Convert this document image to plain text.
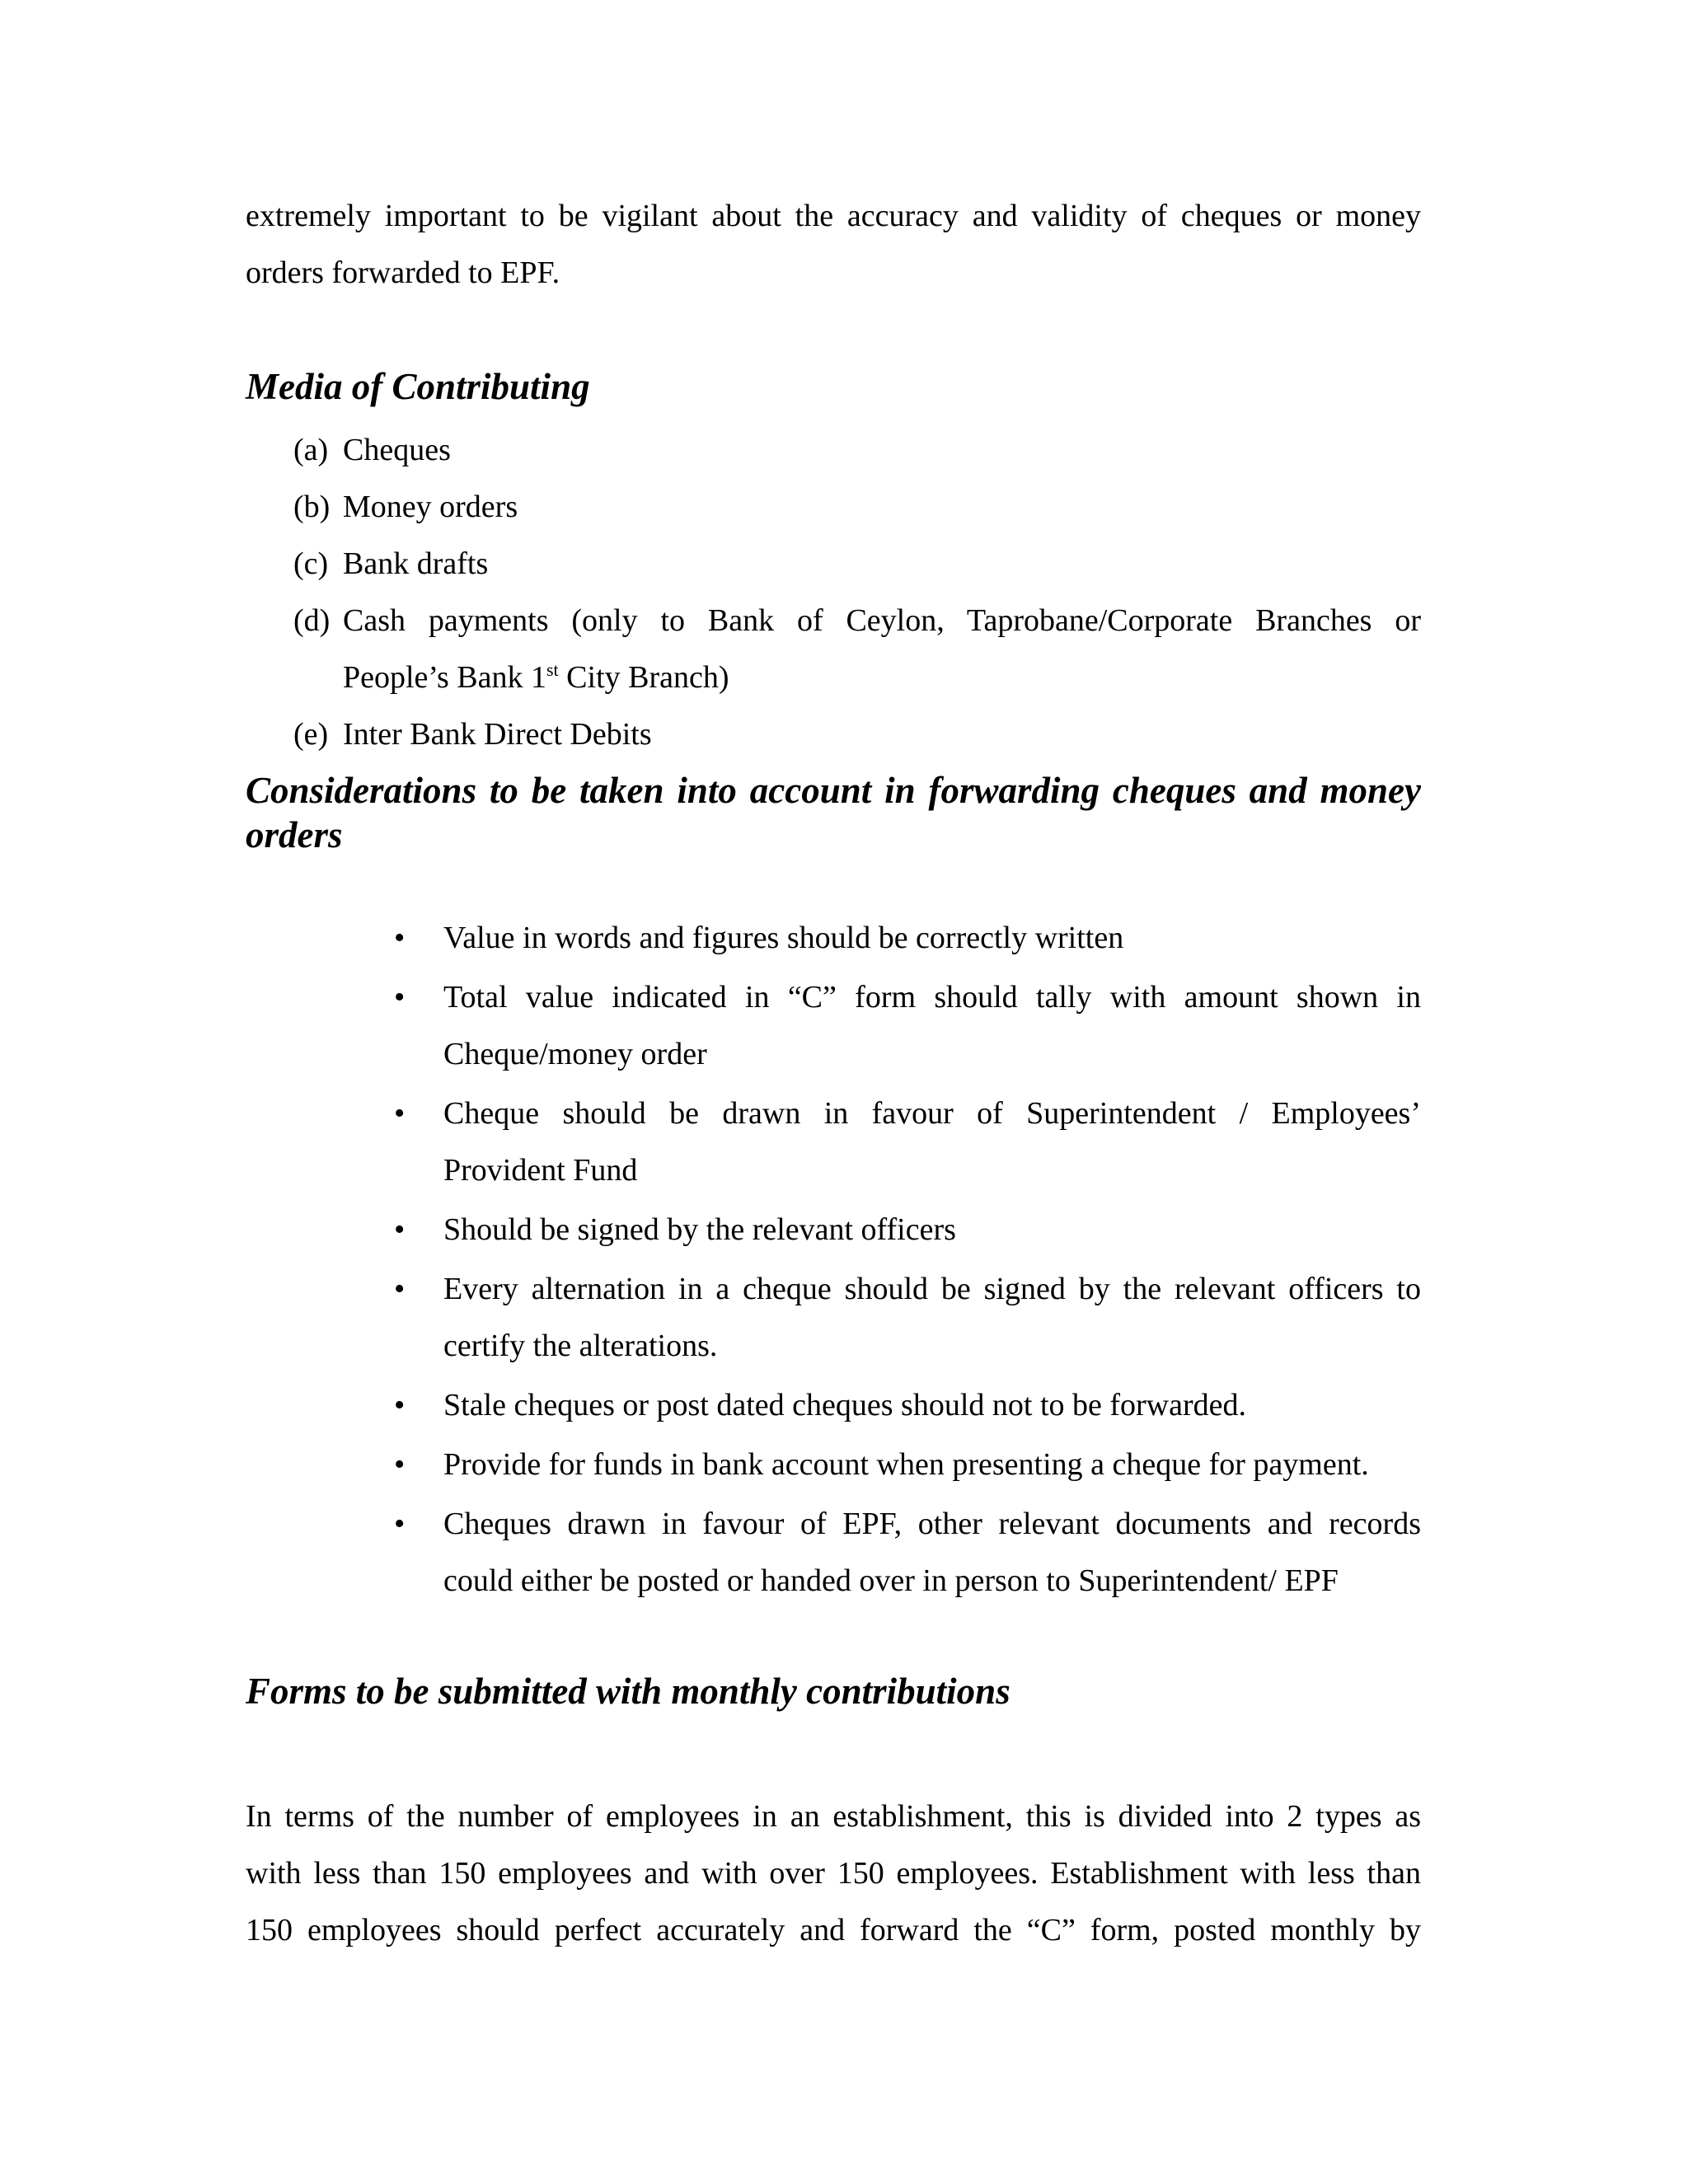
extremely important to be vigilant about the accuracy and validity of cheques or money
orders forwarded to EPF.

Media of Contributing
(a) Cheques
(b) Money orders
(c) Bank drafts
(d) Cash payments (only to Bank of Ceylon, Taprobane/Corporate Branches or
People’s Bank 1st City Branch)
(e) Inter Bank Direct Debits
Considerations to be taken into account in forwarding cheques and money
orders
• Value in words and figures should be correctly written
• Total value indicated in “C” form should tally with amount shown in
Cheque/money order
• Cheque should be drawn in favour of Superintendent / Employees’
Provident Fund
• Should be signed by the relevant officers
• Every alternation in a cheque should be signed by the relevant officers to
certify the alterations.
• Stale cheques or post dated cheques should not to be forwarded.
• Provide for funds in bank account when presenting a cheque for payment.
• Cheques drawn in favour of EPF, other relevant documents and records
could either be posted or handed over in person to Superintendent/ EPF
Forms to be submitted with monthly contributions

In terms of the number of employees in an establishment, this is divided into 2 types as
with less than 150 employees and with over 150 employees. Establishment with less than
150 employees should perfect accurately and forward the “C” form, posted monthly by
